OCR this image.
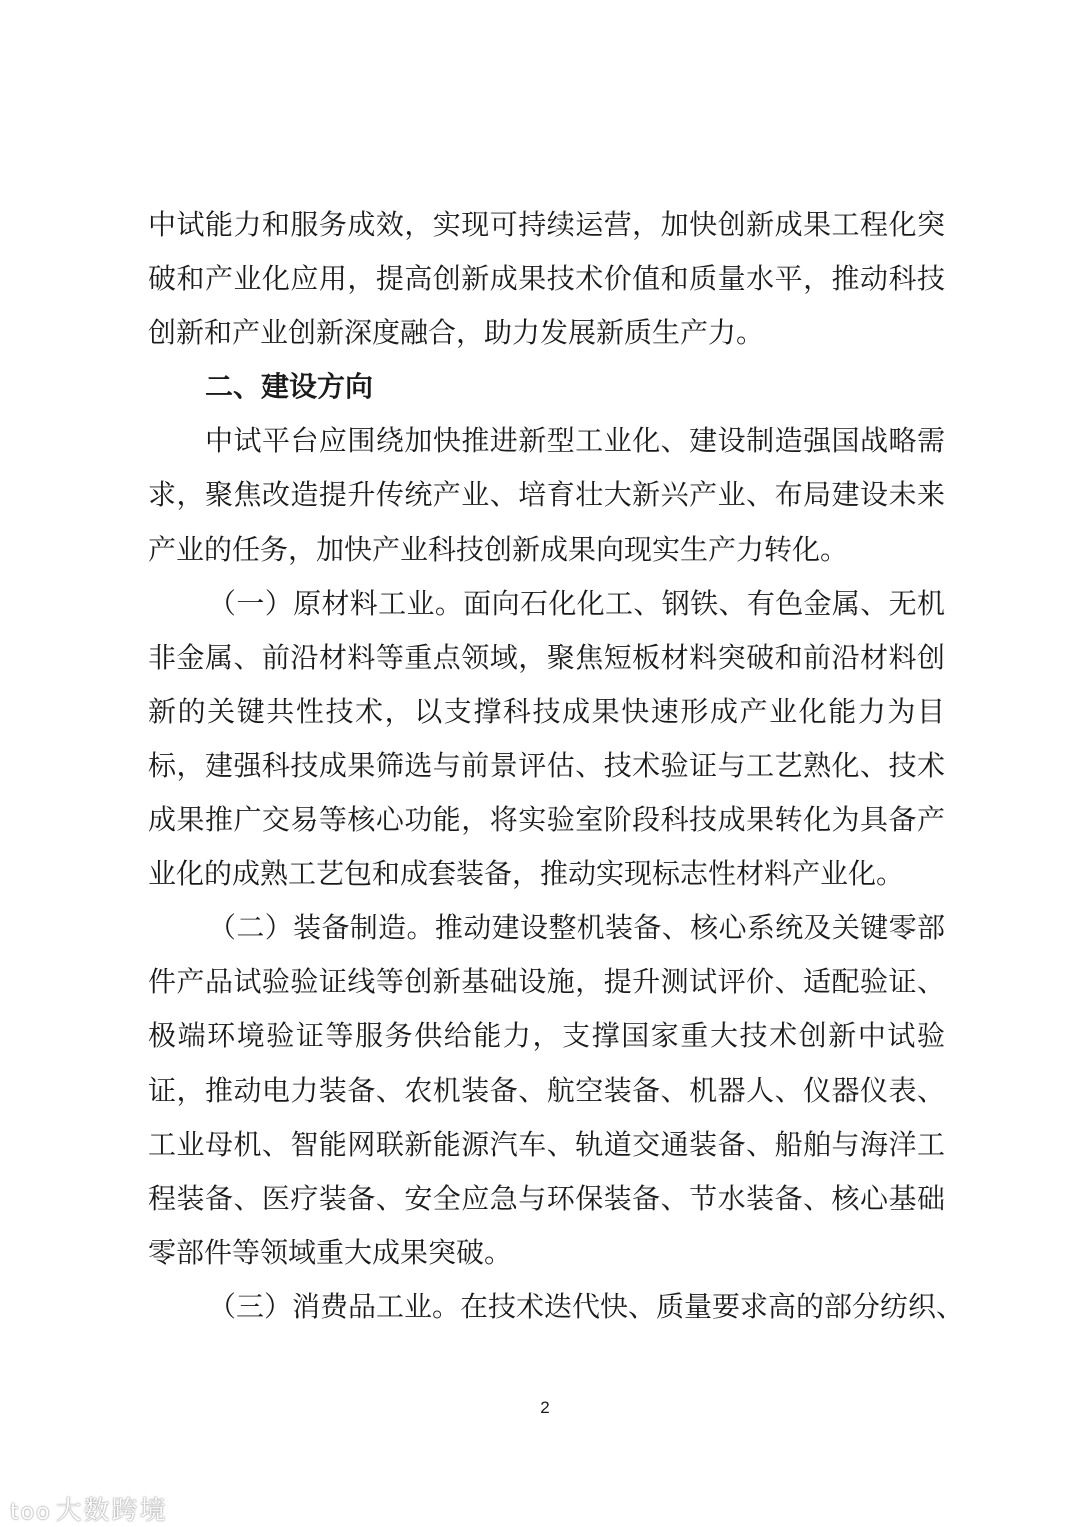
中试能力和服务成效，实现可持续运营，加快创新成果工程化突
破和产业化应用，提高创新成果技术价值和质量水平，推动科技
创新和产业创新深度融合，助力发展新质生产力。
二、建设方向
中试平台应围绕加快推进新型工业化、建设制造强国战略需
求，聚焦改造提升传统产业、培育壮大新兴产业、布局建设未来
产业的任务，加快产业科技创新成果向现实生产力转化。
（一）原材料工业。面向石化化工、钢铁、有色金属、无机
非金属、前沿材料等重点领域，聚焦短板材料突破和前沿材料创
新的关键共性技术，以支撑科技成果快速形成产业化能力为目
标，建强科技成果筛选与前景评估、技术验证与工艺熟化、技术
成果推广交易等核心功能，将实验室阶段科技成果转化为具备产
业化的成熟工艺包和成套装备，推动实现标志性材料产业化。
（二）装备制造。推动建设整机装备、核心系统及关键零部
件产品试验验证线等创新基础设施，提升测试评价、适配验证、
极端环境验证等服务供给能力，支撑国家重大技术创新中试验
证，推动电力装备、农机装备、航空装备、机器人、仪器仪表、
工业母机、智能网联新能源汽车、轨道交通装备、船舶与海洋工
程装备、医疗装备、安全应急与环保装备、节水装备、核心基础
零部件等领域重大成果突破。
（三）消费品工业。在技术迭代快、质量要求高的部分纺织、
2
too 大数跨境
